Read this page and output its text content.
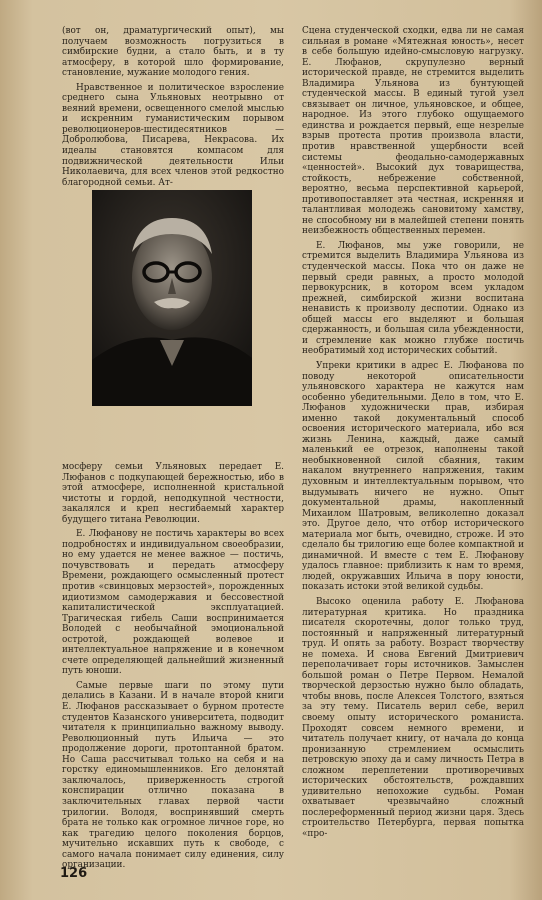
(вот он, драматургический опыт), мы получаем возможность погрузиться в симбирские будни, а стало быть, и в ту атмосферу, в которой шло формирование, становление, мужание молодого гения.

Нравственное и политическое взросление среднего сына Ульяновых неотрывно от веяний времени, освещенного смелой мыслью и искренним гуманистическим порывом революционеров-шестидесятников — Добролюбова, Писарева, Некрасова. Их идеалы становятся компасом для подвижнической деятельности Ильи Николаевича, для всех членов этой редкостно благородной семьи. Ат-

мосферу семьи Ульяновых передает Е. Люфанов с подкупающей бережностью, ибо в этой атмосфере, исполненной кристальной чистоты и гордой, неподкупной честности, закалялся и креп несгибаемый характер будущего титана Революции.

Е. Люфанову не постичь характеры во всех подробностях и индивидуальном своеобразии, но ему удается не менее важное — постичь, почувствовать и передать атмосферу Времени, рождающего осмысленный протест против «свинцовых мерзостей», порожденных идиотизмом самодержавия и бессовестной капиталистической эксплуатацией. Трагическая гибель Саши воспринимается Володей с необычайной эмоциональной остротой, рождающей волевое и интеллектуальное напряжение и в конечном счете определяющей дальнейший жизненный путь юноши.

Самые первые шаги по этому пути делались в Казани. И в начале второй книги Е. Люфанов рассказывает о бурном протесте студентов Казанского университета, подводит читателя к принципиально важному выводу. Революционный путь Ильича — это продолжение дороги, протоптанной братом. Но Саша рассчитывал только на себя и на горстку единомышленников. Его делонятай заключалось, приверженность строгой конспирации отлично показана в заключительных главах первой части трилогии. Володя, воспринявший смерть брата не только как огромное личное горе, но как трагедию целого поколения борцов, мучительно искавших путь к свободе, с самого начала понимает силу единения, силу организации.

Сцена студенческой сходки, едва ли не самая сильная в романе «Мятежная юность», несет в себе большую идейно-смысловую нагрузку. Е. Люфанов, скрупулезно верный исторической правде, не стремится выделить Владимира Ульянова из бунтующей студенческой массы. В единый тугой узел связывает он личное, ульяновское, и общее, народное. Из этого глубоко ощущаемого единства и рождается первый, еще незрелые взрыв протеста против произвола власти, против нравственной ущербности всей системы феодально-самодержавных «ценностей». Высокий дух товарищества, стойкость, небрежение собственной, вероятно, весьма перспективной карьерой, противопоставляет эта честная, искренняя и талантливая молодежь сановитому хамству, не способному ни в малейшей степени понять неизбежность общественных перемен.

Е. Люфанов, мы уже говорили, не стремится выделить Владимира Ульянова из студенческой массы. Пока что он даже не первый среди равных, а просто молодой первокурсник, в котором всем укладом прежней, симбирской жизни воспитана ненависть к произволу деспотии. Однако из общей массы его выделяют и большая сдержанность, и большая сила убежденности, и стремление как можно глубже постичь необратимый ход исторических событий.

Упреки критики в адрес Е. Люфанова по поводу некоторой описательности ульяновского характера не кажутся нам особенно убедительными. Дело в том, что Е. Люфанов художнически прав, избирая именно такой документальный способ освоения исторического материала, ибо вся жизнь Ленина, каждый, даже самый маленький ее отрезок, наполнены такой необыкновенной силой сбаяния, таким накалом внутреннего напряжения, таким духовным и интеллектуальным порывом, что выдумывать ничего не нужно. Опыт документальной драмы, накопленный Михаилом Шатровым, великолепно доказал это. Другое дело, что отбор исторического материала мог быть, очевидно, строже. И это сделало бы трилогию еще более компактной и динамичной. И вместе с тем Е. Люфанову удалось главное: приблизить к нам то время, людей, окружавших Ильича в пору юности, показать истоки этой великой судьбы.

Высоко оценила работу Е. Люфанова литературная критика. Но праздника писателя скоротечны, долог только труд, постоянный и напряженный литературный труд. И опять за работу. Возраст творчеству не помеха. И снова Евгений Дмитриевич переполачивает горы источников. Замыслен большой роман о Петре Первом. Немалой творческой дерзостью нужно было обладать, чтобы вновь, после Алексея Толстого, взяться за эту тему. Писатель верил себе, верил своему опыту исторического романиста. Проходят совсем немного времени, и читатель получает книгу, от начала до конца пронизанную стремлением осмыслить петровскую эпоху да и саму личность Петра в сложном переплетении противоречивых исторических обстоятельств, рождавших удивительно непохожие судьбы. Роман охватывает чрезвычайно сложный послереформенный период жизни царя. Здесь строительство Петербурга, первая попытка «про-

126
